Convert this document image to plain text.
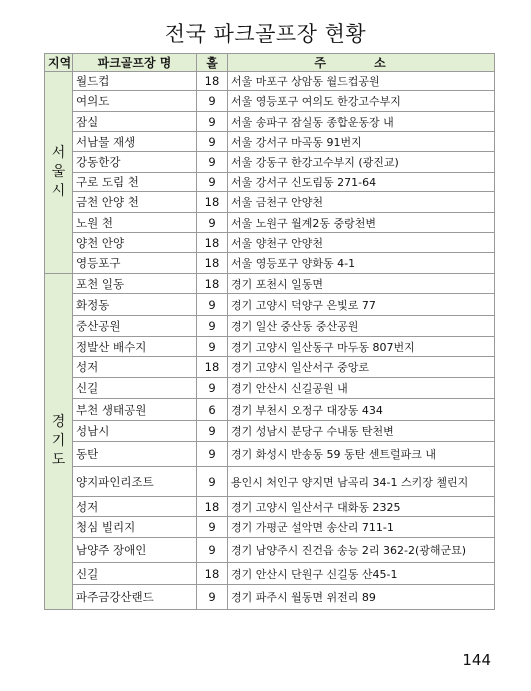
전국 파크골프장 현황
지역	파크골프장 명	홀	주 소
서
울
시	월드컵	18	서울 마포구 상암동 월드컵공원
	여의도	9	서울 영등포구 여의도 한강고수부지
	잠실	9	서울 송파구 잠실동 종합운동장 내
	서남물 재생	9	서울 강서구 마곡동 91번지
	강동한강	9	서울 강동구 한강고수부지 (광진교)
	구로 도림 천	9	서울 강서구 신도림동 271-64
	금천 안양 천	18	서울 금천구 안양천
	노원 천	9	서울 노원구 월계2동 중랑천변
	양천 안양	18	서울 양천구 안양천
	영등포구	18	서울 영등포구 양화동 4-1
경
기
도	포천 일동	18	경기 포천시 일동면
	화정동	9	경기 고양시 덕양구 은빛로 77
	중산공원	9	경기 일산 중산동 중산공원
	정발산 배수지	9	경기 고양시 일산동구 마두동 807번지
	성저	18	경기 고양시 일산서구 중앙로
	신길	9	경기 안산시 신길공원 내
	부천 생태공원	6	경기 부천시 오정구 대장동 434
	성남시	9	경기 성남시 분당구 수내동 탄천변
	동탄	9	경기 화성시 반송동 59 동탄 센트럴파크 내
	양지파인리조트	9	용인시 처인구 양지면 남곡리 34-1 스키장 첼린지
	성저	18	경기 고양시 일산서구 대화동 2325
	청심 빌리지	9	경기 가평군 설악면 송산리 711-1
	남양주 장애인	9	경기 남양주시 진건읍 송능 2리 362-2(광해군묘)
	신길	18	경기 안산시 단원구 신길동 산45-1
	파주금강산랜드	9	경기 파주시 월동면 위전리 89
144
